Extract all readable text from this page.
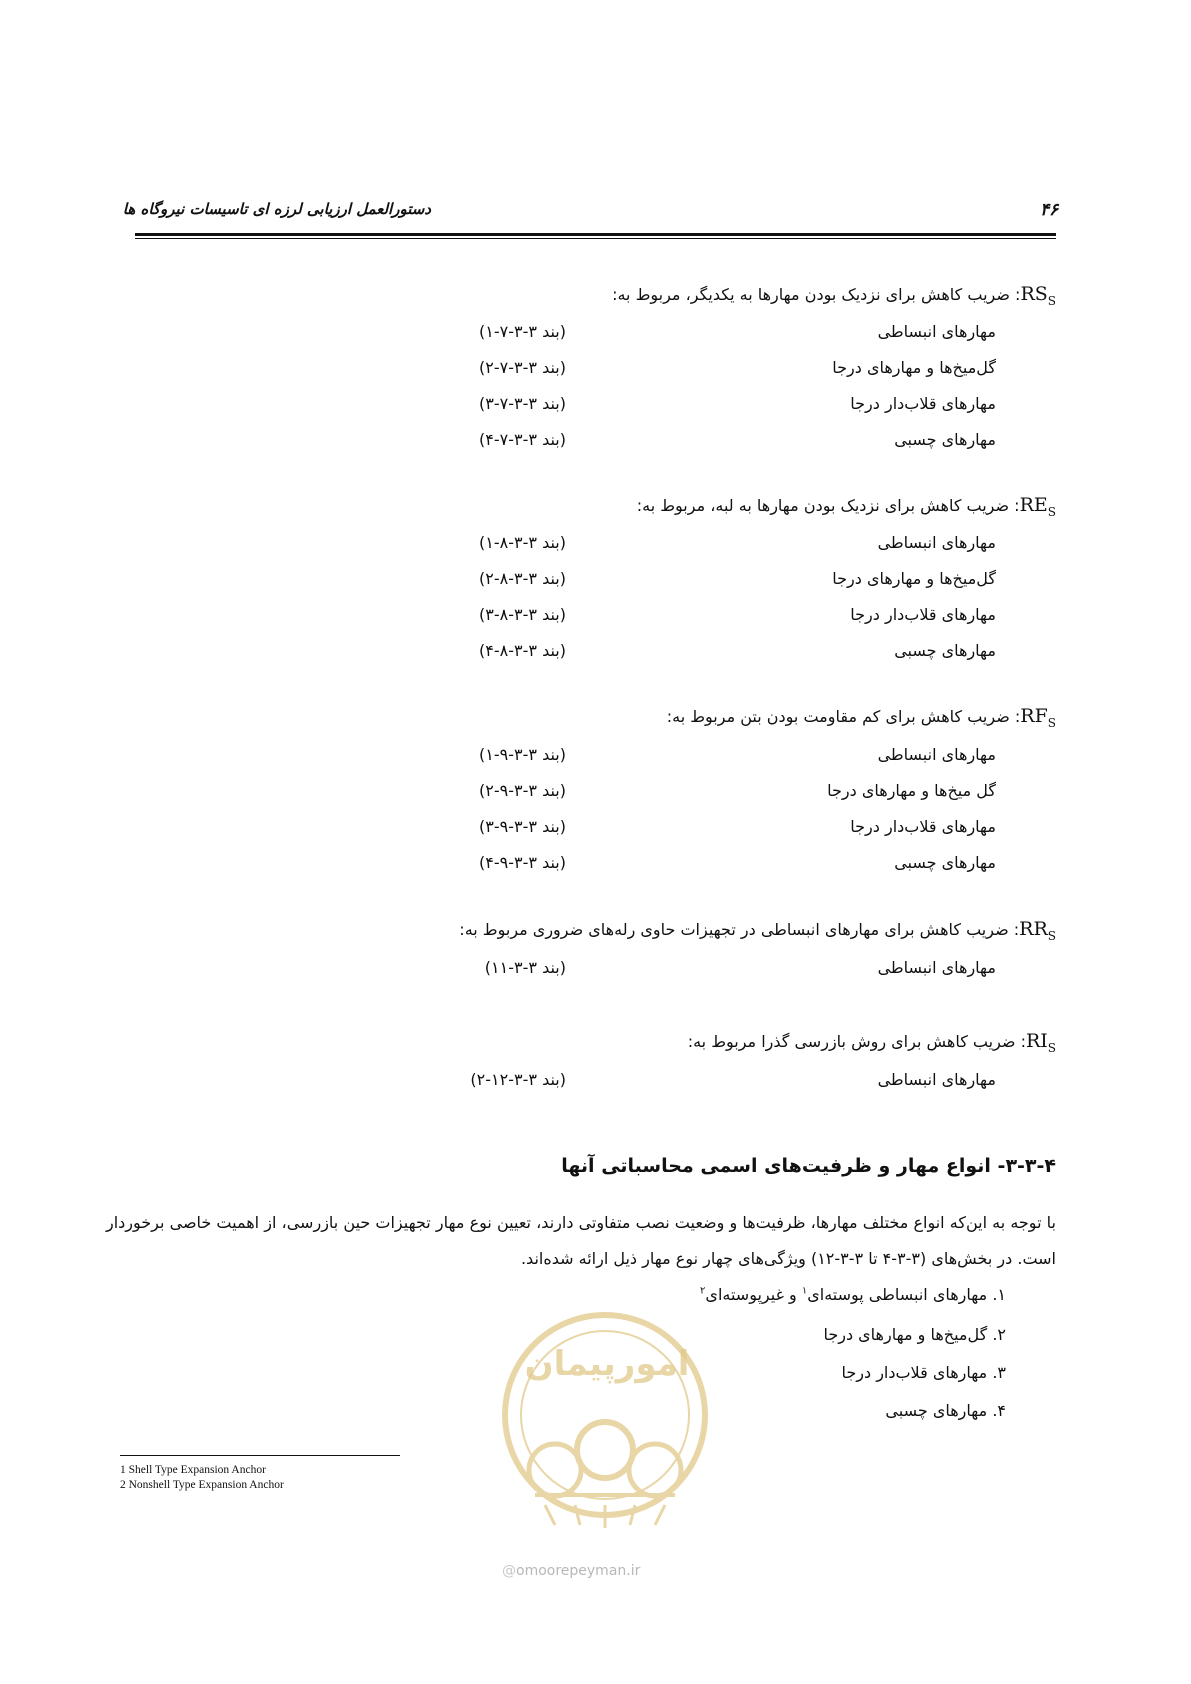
دستورالعمل ارزیابی لرزه ای تاسیسات نیروگاه ها	۴۶
$RS_S$
: ضریب کاهش برای نزدیک بودن مهارها به یکدیگر، مربوط به:
مهارهای انبساطی
(بند ۳-۳-۷-۱)
گل‌میخ‌ها و مهارهای درجا
(بند ۳-۳-۷-۲)
مهارهای قلاب‌دار درجا
(بند ۳-۳-۷-۳)
مهارهای چسبی
(بند ۳-۳-۷-۴)
$RE_S$
: ضریب کاهش برای نزدیک بودن مهارها به لبه، مربوط به:
مهارهای انبساطی
(بند ۳-۳-۸-۱)
گل‌میخ‌ها و مهارهای درجا
(بند ۳-۳-۸-۲)
مهارهای قلاب‌دار درجا
(بند ۳-۳-۸-۳)
مهارهای چسبی
(بند ۳-۳-۸-۴)
$RF_S$
: ضریب کاهش برای کم مقاومت بودن بتن مربوط به:
مهارهای انبساطی
(بند ۳-۳-۹-۱)
گل میخ‌ها و مهارهای درجا
(بند ۳-۳-۹-۲)
مهارهای قلاب‌دار درجا
(بند ۳-۳-۹-۳)
مهارهای چسبی
(بند ۳-۳-۹-۴)
$RR_S$
: ضریب کاهش برای مهارهای انبساطی در تجهیزات حاوی رله‌های ضروری مربوط به:
مهارهای انبساطی
(بند ۳-۳-۱۱)
$RI_S$
: ضریب کاهش برای روش بازرسی گذرا مربوط به:
مهارهای انبساطی
(بند ۳-۳-۱۲-۲)
۳-۳-۴- انواع مهار و ظرفیت‌های اسمی محاسباتی آنها
با توجه به این‌که انواع مختلف مهارها، ظرفیت‌ها و وضعیت نصب متفاوتی دارند، تعیین نوع مهار تجهیزات حین بازرسی، از اهمیت خاصی برخوردار است. در بخش‌های (۳-۳-۴ تا ۳-۳-۱۲) ویژگی‌های چهار نوع مهار ذیل ارائه شده‌اند.
۱. مهارهای انبساطی پوسته‌ای$^۱$ و غیرپوسته‌ای$^۲$
۲. گل‌میخ‌ها و مهارهای درجا
۳. مهارهای قلاب‌دار درجا
۴. مهارهای چسبی
امورپیمان
@omoorepeyman.ir
1 Shell Type Expansion Anchor
2 Nonshell Type Expansion Anchor
